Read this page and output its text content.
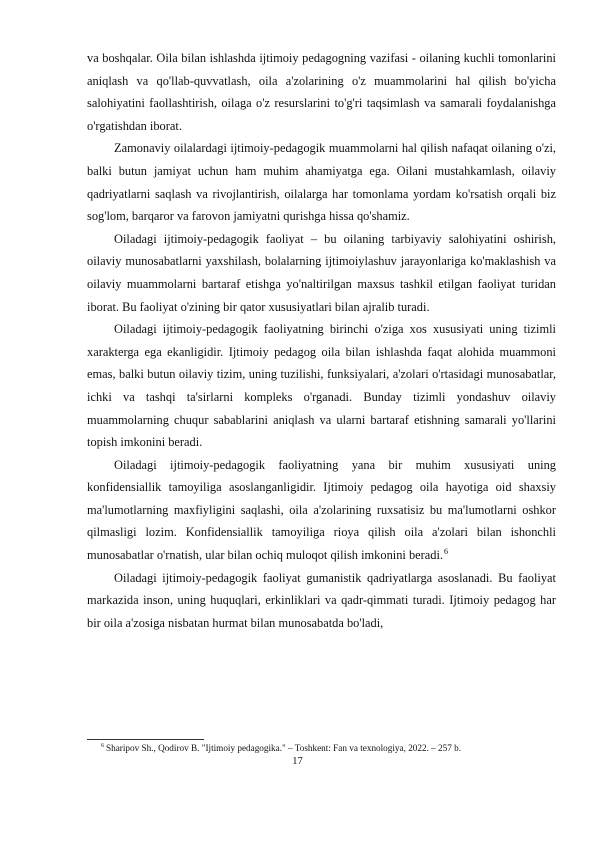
va boshqalar. Oila bilan ishlashda ijtimoiy pedagogning vazifasi - oilaning kuchli tomonlarini aniqlash va qo'llab-quvvatlash, oila a'zolarining o'z muammolarini hal qilish bo'yicha salohiyatini faollashtirish, oilaga o'z resurslarini to'g'ri taqsimlash va samarali foydalanishga o'rgatishdan iborat.

Zamonaviy oilalardagi ijtimoiy-pedagogik muammolarni hal qilish nafaqat oilaning o'zi, balki butun jamiyat uchun ham muhim ahamiyatga ega. Oilani mustahkamlash, oilaviy qadriyatlarni saqlash va rivojlantirish, oilalarga har tomonlama yordam ko'rsatish orqali biz sog'lom, barqaror va farovon jamiyatni qurishga hissa qo'shamiz.

Oiladagi ijtimoiy-pedagogik faoliyat – bu oilaning tarbiyaviy salohiyatini oshirish, oilaviy munosabatlarni yaxshilash, bolalarning ijtimoiylashuv jarayonlariga ko'maklashish va oilaviy muammolarni bartaraf etishga yo'naltirilgan maxsus tashkil etilgan faoliyat turidan iborat. Bu faoliyat o'zining bir qator xususiyatlari bilan ajralib turadi.

Oiladagi ijtimoiy-pedagogik faoliyatning birinchi o'ziga xos xususiyati uning tizimli xarakterga ega ekanligidir. Ijtimoiy pedagog oila bilan ishlashda faqat alohida muammoni emas, balki butun oilaviy tizim, uning tuzilishi, funksiyalari, a'zolari o'rtasidagi munosabatlar, ichki va tashqi ta'sirlarni kompleks o'rganadi. Bunday tizimli yondashuv oilaviy muammolarning chuqur sabablarini aniqlash va ularni bartaraf etishning samarali yo'llarini topish imkonini beradi.

Oiladagi ijtimoiy-pedagogik faoliyatning yana bir muhim xususiyati uning konfidensiallik tamoyiliga asoslanganligidir. Ijtimoiy pedagog oila hayotiga oid shaxsiy ma'lumotlarning maxfiyligini saqlashi, oila a'zolarining ruxsatisiz bu ma'lumotlarni oshkor qilmasligi lozim. Konfidensiallik tamoyiliga rioya qilish oila a'zolari bilan ishonchli munosabatlar o'rnatish, ular bilan ochiq muloqot qilish imkonini beradi.$^6$

Oiladagi ijtimoiy-pedagogik faoliyat gumanistik qadriyatlarga asoslanadi. Bu faoliyat markazida inson, uning huquqlari, erkinliklari va qadr-qimmati turadi. Ijtimoiy pedagog har bir oila a'zosiga nisbatan hurmat bilan munosabatda bo'ladi,

$^6$ Sharipov Sh., Qodirov B. "Ijtimoiy pedagogika." – Toshkent: Fan va texnologiya, 2022. – 257 b.
17
